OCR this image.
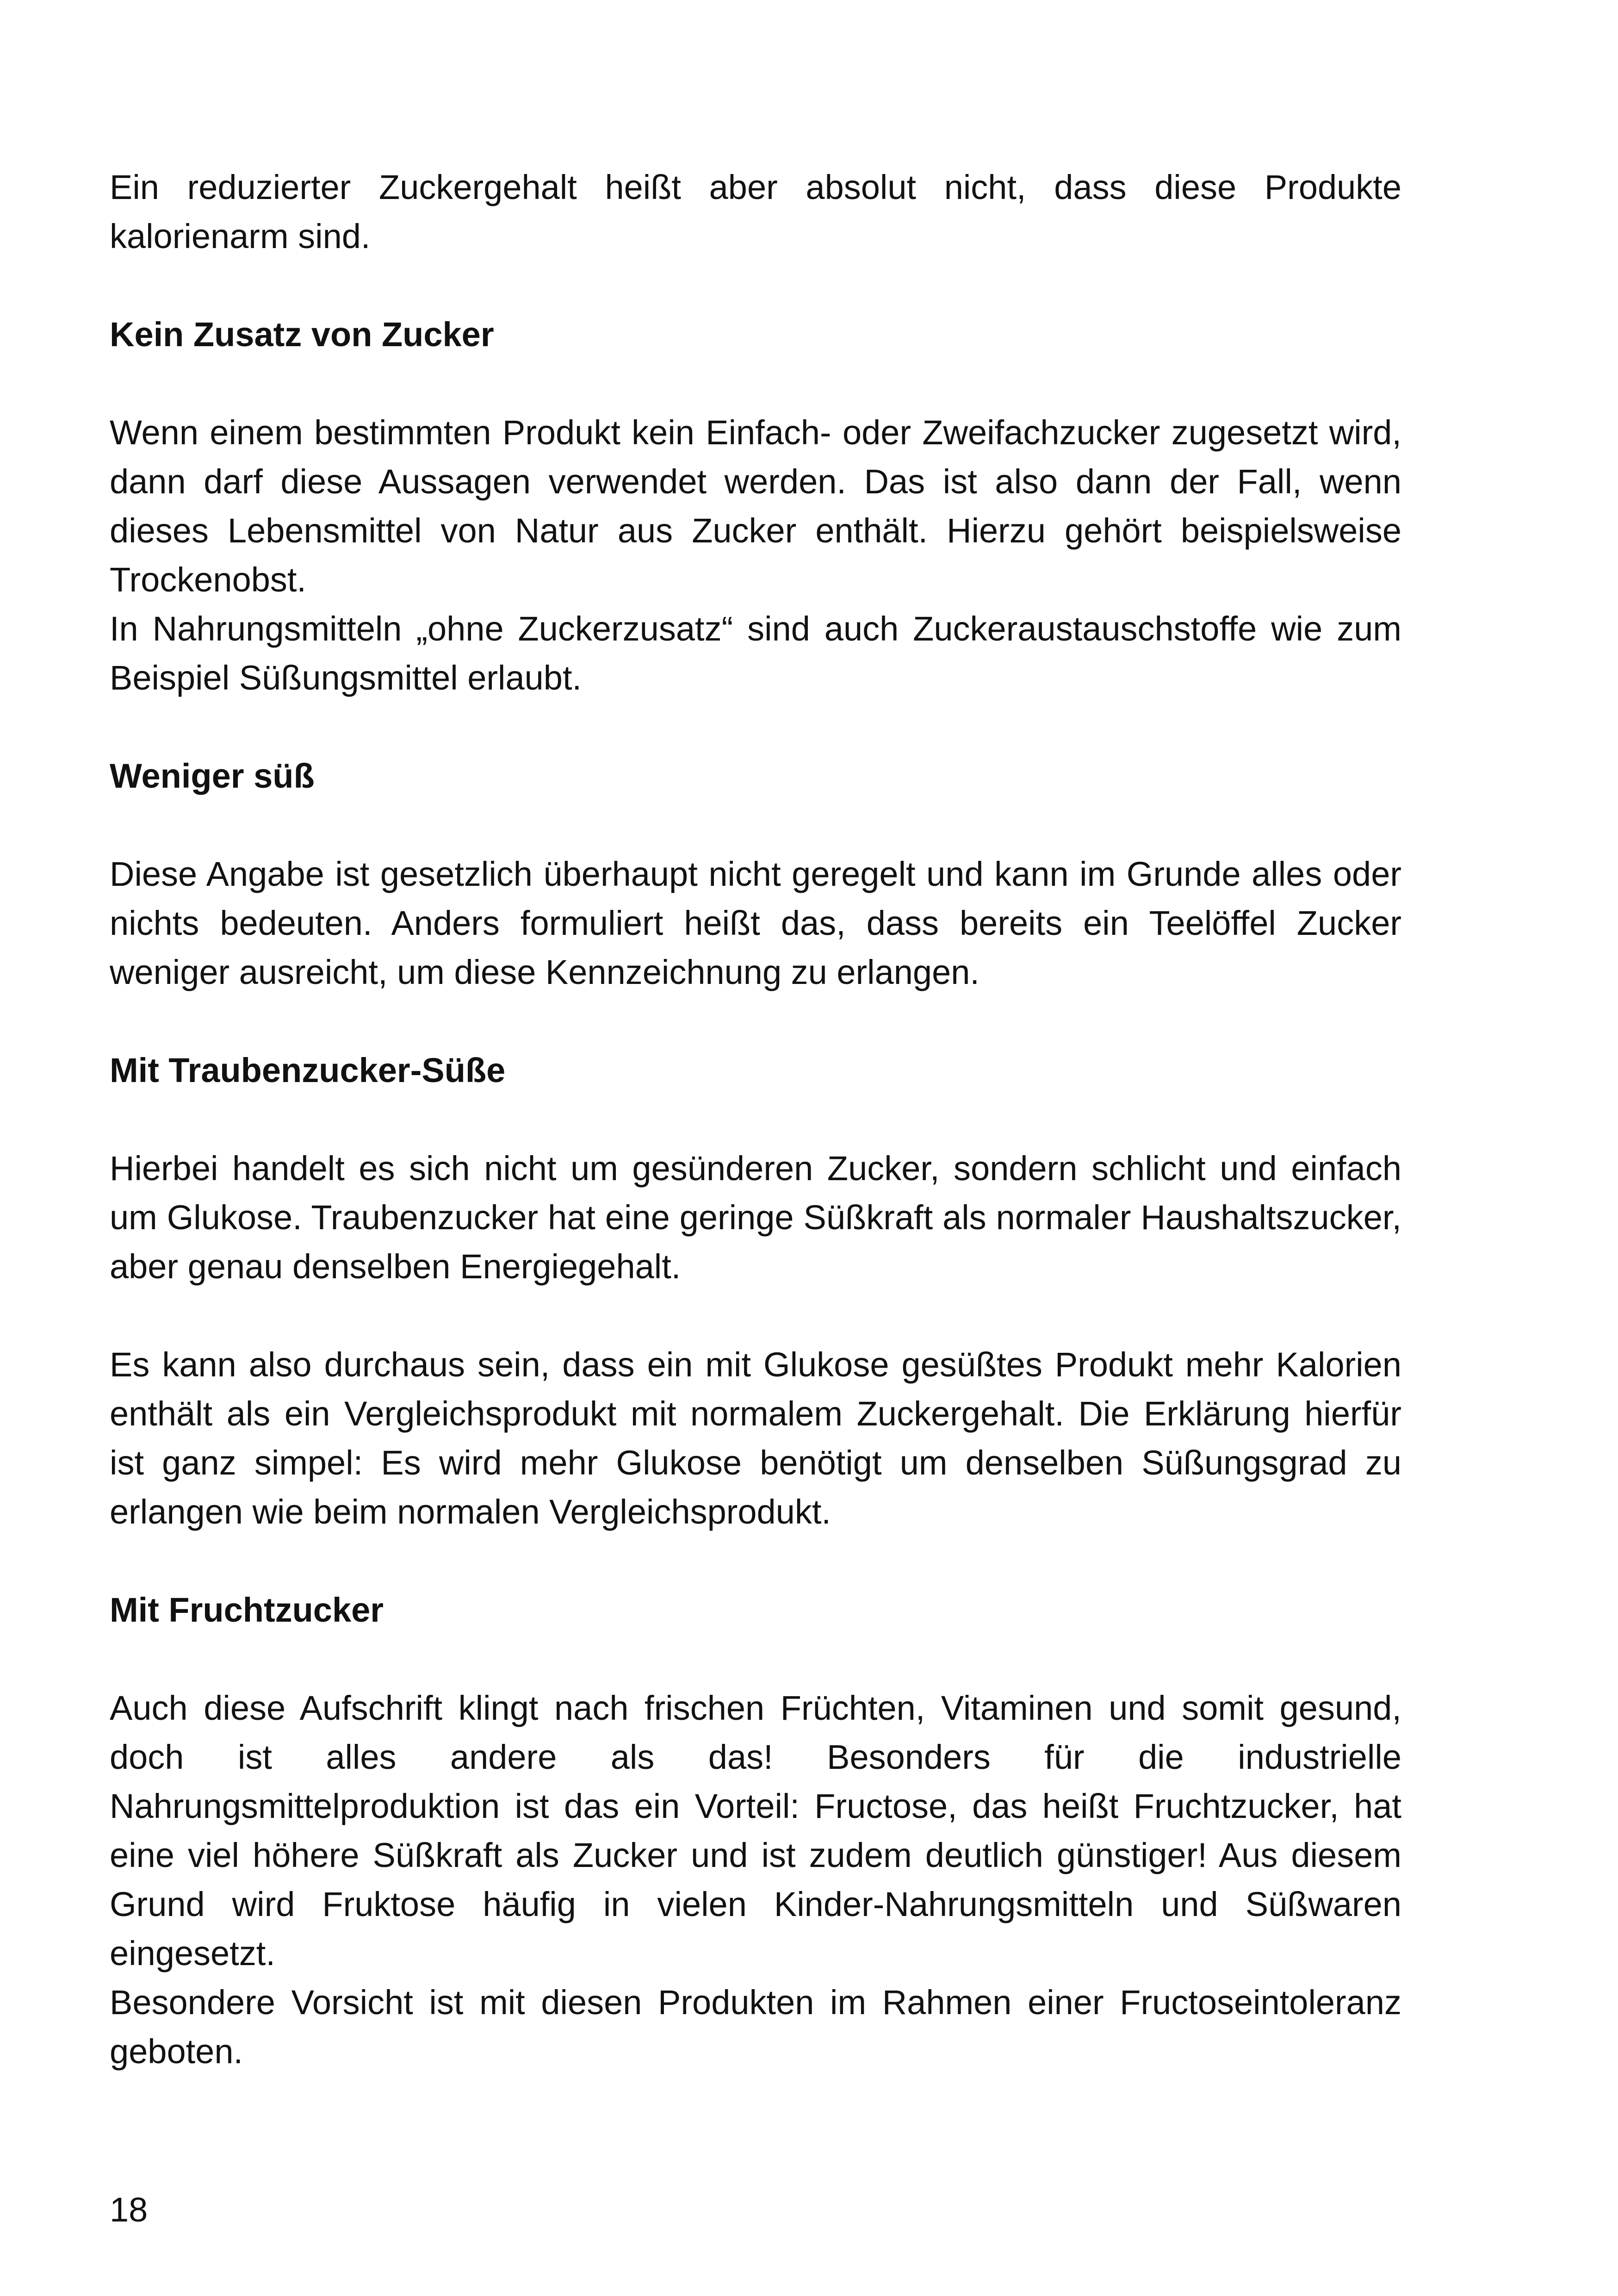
Ein reduzierter Zuckergehalt heißt aber absolut nicht, dass diese Produkte kalorienarm sind.

Kein Zusatz von Zucker

Wenn einem bestimmten Produkt kein Einfach- oder Zweifachzucker zugesetzt wird, dann darf diese Aussagen verwendet werden. Das ist also dann der Fall, wenn dieses Lebensmittel von Natur aus Zucker enthält. Hierzu gehört beispielsweise Trockenobst.

In Nahrungsmitteln „ohne Zuckerzusatz“ sind auch Zuckeraustauschstoffe wie zum Beispiel Süßungsmittel erlaubt.

Weniger süß

Diese Angabe ist gesetzlich überhaupt nicht geregelt und kann im Grunde alles oder nichts bedeuten. Anders formuliert heißt das, dass bereits ein Teelöffel Zucker weniger ausreicht, um diese Kennzeichnung zu erlangen.

Mit Traubenzucker-Süße

Hierbei handelt es sich nicht um gesünderen Zucker, sondern schlicht und einfach um Glukose. Traubenzucker hat eine geringe Süßkraft als normaler Haushaltszucker, aber genau denselben Energiegehalt.

Es kann also durchaus sein, dass ein mit Glukose gesüßtes Produkt mehr Kalorien enthält als ein Vergleichsprodukt mit normalem Zuckergehalt. Die Erklärung hierfür ist ganz simpel: Es wird mehr Glukose benötigt um denselben Süßungsgrad zu erlangen wie beim normalen Vergleichsprodukt.

Mit Fruchtzucker

Auch diese Aufschrift klingt nach frischen Früchten, Vitaminen und somit gesund, doch ist alles andere als das! Besonders für die industrielle Nahrungsmittelproduktion ist das ein Vorteil: Fructose, das heißt Fruchtzucker, hat eine viel höhere Süßkraft als Zucker und ist zudem deutlich günstiger! Aus diesem Grund wird Fruktose häufig in vielen Kinder-Nahrungsmitteln und Süßwaren eingesetzt.

Besondere Vorsicht ist mit diesen Produkten im Rahmen einer Fructoseintoleranz geboten.

18
